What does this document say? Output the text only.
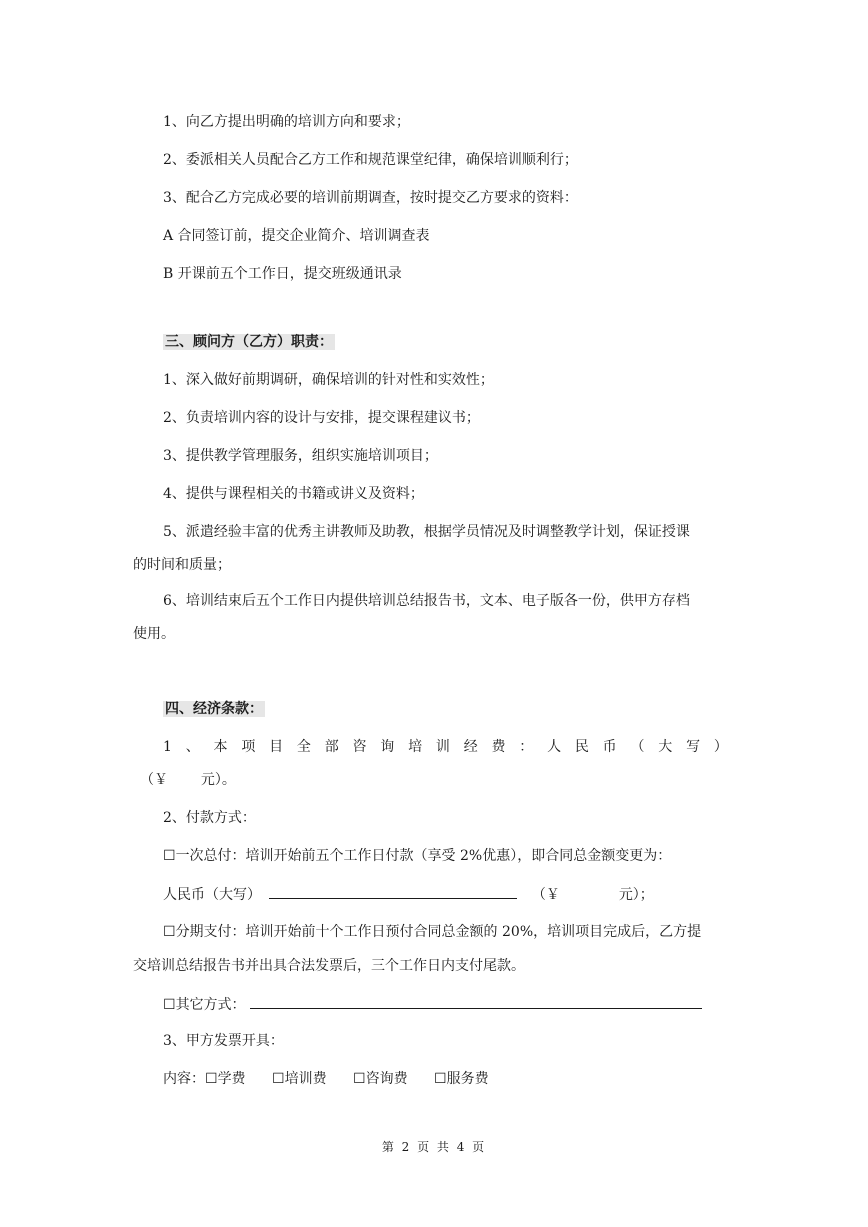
1、向乙方提出明确的培训方向和要求；
2、委派相关人员配合乙方工作和规范课堂纪律，确保培训顺利行；
3、配合乙方完成必要的培训前期调查，按时提交乙方要求的资料：
A 合同签订前，提交企业简介、培训调查表
B 开课前五个工作日，提交班级通讯录
三、顾问方（乙方）职责：
1、深入做好前期调研，确保培训的针对性和实效性；
2、负责培训内容的设计与安排，提交课程建议书；
3、提供教学管理服务，组织实施培训项目；
4、提供与课程相关的书籍或讲义及资料；
5、派遣经验丰富的优秀主讲教师及助教，根据学员情况及时调整教学计划，保证授课
的时间和质量；
6、培训结束后五个工作日内提供培训总结报告书，文本、电子版各一份，供甲方存档
使用。
四、经济条款：
1 、 本 项 目 全 部 咨 询 培 训 经 费 ： 人 民 币 （ 大 写 ）
（￥ 元）。
2、付款方式：
☐一次总付：培训开始前五个工作日付款（享受 2%优惠），即合同总金额变更为：
人民币（大写）	（￥	元）；
☐分期支付：培训开始前十个工作日预付合同总金额的 20%，培训项目完成后，乙方提
交培训总结报告书并出具合法发票后，三个工作日内支付尾款。
☐其它方式：
3、甲方发票开具：
内容：☐学费 ☐培训费 ☐咨询费 ☐服务费
第 2 页 共 4 页
